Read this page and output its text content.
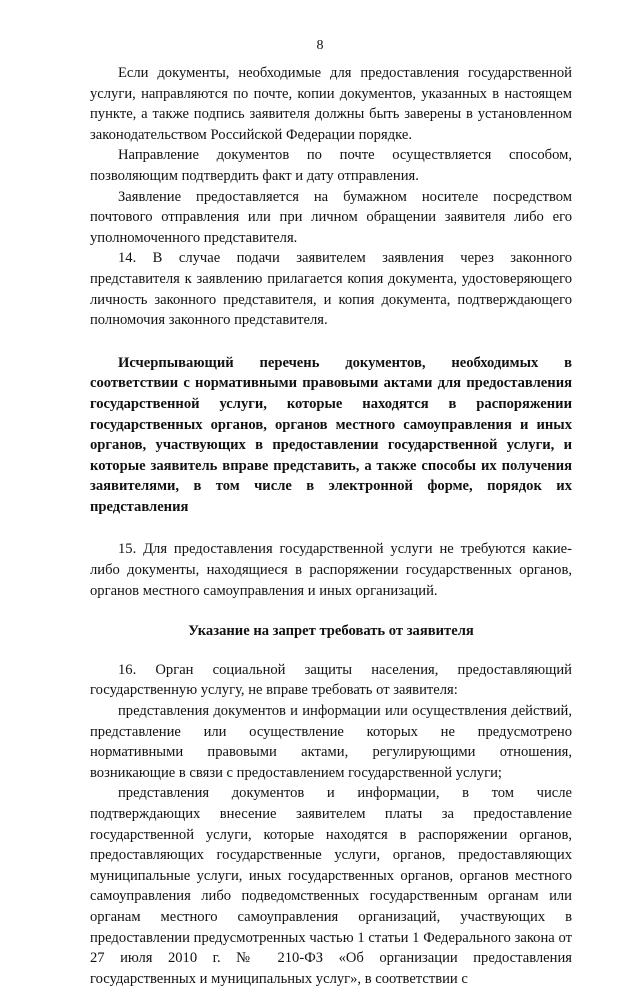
8

Если документы, необходимые для предоставления государственной услуги, направляются по почте, копии документов, указанных в настоящем пункте, а также подпись заявителя должны быть заверены в установленном законодательством Российской Федерации порядке.

Направление документов по почте осуществляется способом, позволяющим подтвердить факт и дату отправления.

Заявление предоставляется на бумажном носителе посредством почтового отправления или при личном обращении заявителя либо его уполномоченного представителя.

14. В случае подачи заявителем заявления через законного представителя к заявлению прилагается копия документа, удостоверяющего личность законного представителя, и копия документа, подтверждающего полномочия законного представителя.

Исчерпывающий перечень документов, необходимых в соответствии с нормативными правовыми актами для предоставления государственной услуги, которые находятся в распоряжении государственных органов, органов местного самоуправления и иных органов, участвующих в предоставлении государственной услуги, и которые заявитель вправе представить, а также способы их получения заявителями, в том числе в электронной форме, порядок их представления

15. Для предоставления государственной услуги не требуются какие-либо документы, находящиеся в распоряжении государственных органов, органов местного самоуправления и иных организаций.

Указание на запрет требовать от заявителя

16. Орган социальной защиты населения, предоставляющий государственную услугу, не вправе требовать от заявителя:

представления документов и информации или осуществления действий, представление или осуществление которых не предусмотрено нормативными правовыми актами, регулирующими отношения, возникающие в связи с предоставлением государственной услуги;

представления документов и информации, в том числе подтверждающих внесение заявителем платы за предоставление государственной услуги, которые находятся в распоряжении органов, предоставляющих государственные услуги, органов, предоставляющих муниципальные услуги, иных государственных органов, органов местного самоуправления либо подведомственных государственным органам или органам местного самоуправления организаций, участвующих в предоставлении предусмотренных частью 1 статьи 1 Федерального закона от 27 июля 2010 г. № 210-ФЗ «Об организации предоставления государственных и муниципальных услуг», в соответствии с
